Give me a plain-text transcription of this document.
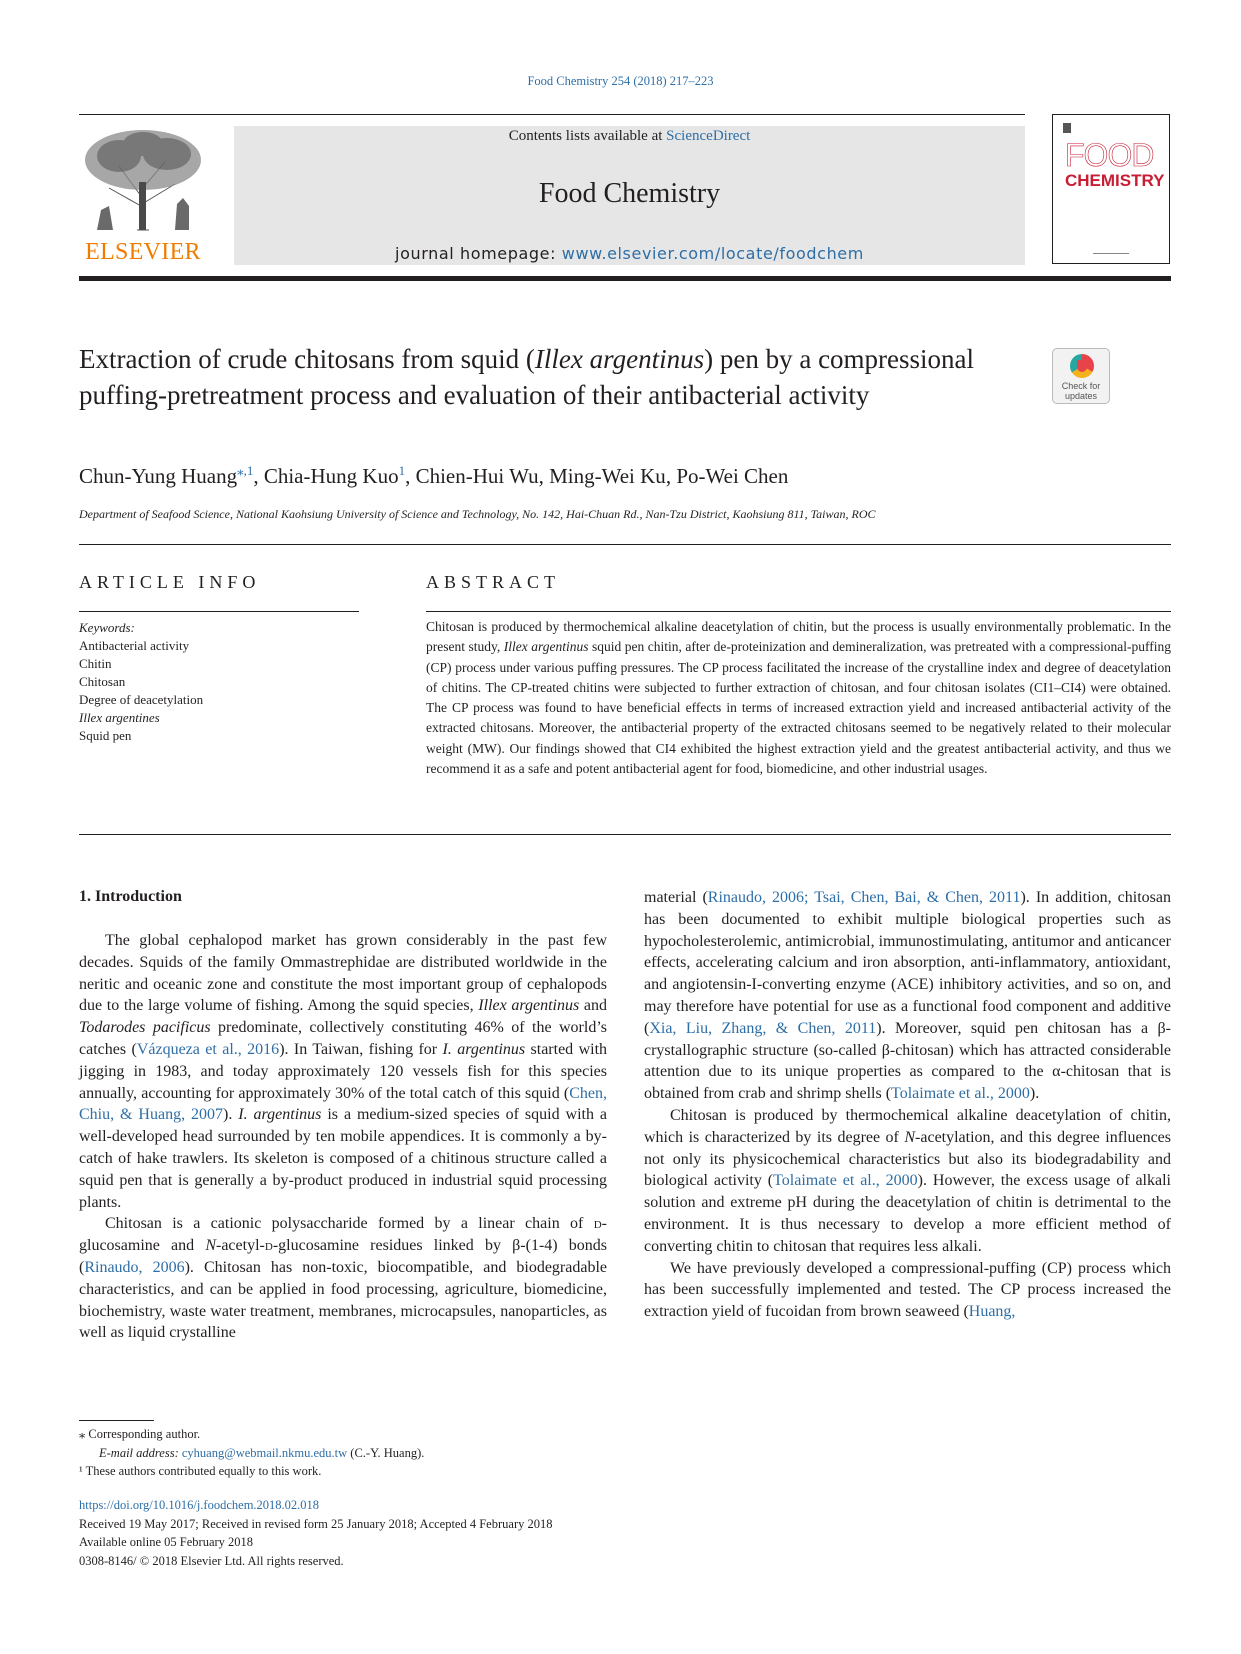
Food Chemistry 254 (2018) 217–223
ELSEVIER
Contents lists available at ScienceDirect
Food Chemistry
journal homepage: www.elsevier.com/locate/foodchem
FOOD
CHEMISTRY
Extraction of crude chitosans from squid (Illex argentinus) pen by a compressional puffing-pretreatment process and evaluation of their antibacterial activity	Check for
updates
Chun-Yung Huang$^{⁎,1}$, Chia-Hung Kuo$^1$, Chien-Hui Wu, Ming-Wei Ku, Po-Wei Chen
Department of Seafood Science, National Kaohsiung University of Science and Technology, No. 142, Hai-Chuan Rd., Nan-Tzu District, Kaohsiung 811, Taiwan, ROC
ARTICLE INFO	ABSTRACT
Keywords:
Antibacterial activity
Chitin
Chitosan
Degree of deacetylation
Illex argentines
Squid pen
Chitosan is produced by thermochemical alkaline deacetylation of chitin, but the process is usually environmentally problematic. In the present study, Illex argentinus squid pen chitin, after de-proteinization and demineralization, was pretreated with a compressional-puffing (CP) process under various puffing pressures. The CP process facilitated the increase of the crystalline index and degree of deacetylation of chitins. The CP-treated chitins were subjected to further extraction of chitosan, and four chitosan isolates (CI1–CI4) were obtained. The CP process was found to have beneficial effects in terms of increased extraction yield and increased antibacterial activity of the extracted chitosans. Moreover, the antibacterial property of the extracted chitosans seemed to be negatively related to their molecular weight (MW). Our findings showed that CI4 exhibited the highest extraction yield and the greatest antibacterial activity, and thus we recommend it as a safe and potent antibacterial agent for food, biomedicine, and other industrial usages.
1. Introduction

The global cephalopod market has grown considerably in the past few decades. Squids of the family Ommastrephidae are distributed worldwide in the neritic and oceanic zone and constitute the most important group of cephalopods due to the large volume of fishing. Among the squid species, Illex argentinus and Todarodes pacificus predominate, collectively constituting 46% of the world’s catches (Vázqueza et al., 2016). In Taiwan, fishing for I. argentinus started with jigging in 1983, and today approximately 120 vessels fish for this species annually, accounting for approximately 30% of the total catch of this squid (Chen, Chiu, & Huang, 2007). I. argentinus is a medium-sized species of squid with a well-developed head surrounded by ten mobile appendices. It is commonly a by-catch of hake trawlers. Its skeleton is composed of a chitinous structure called a squid pen that is generally a by-product produced in industrial squid processing plants.

Chitosan is a cationic polysaccharide formed by a linear chain of d-glucosamine and N-acetyl-d-glucosamine residues linked by β-(1-4) bonds (Rinaudo, 2006). Chitosan has non-toxic, biocompatible, and biodegradable characteristics, and can be applied in food processing, agriculture, biomedicine, biochemistry, waste water treatment, membranes, microcapsules, nanoparticles, as well as liquid crystalline

material (Rinaudo, 2006; Tsai, Chen, Bai, & Chen, 2011). In addition, chitosan has been documented to exhibit multiple biological properties such as hypocholesterolemic, antimicrobial, immunostimulating, antitumor and anticancer effects, accelerating calcium and iron absorption, anti-inflammatory, antioxidant, and angiotensin-I-converting enzyme (ACE) inhibitory activities, and so on, and may therefore have potential for use as a functional food component and additive (Xia, Liu, Zhang, & Chen, 2011). Moreover, squid pen chitosan has a β-crystallographic structure (so-called β-chitosan) which has attracted considerable attention due to its unique properties as compared to the α-chitosan that is obtained from crab and shrimp shells (Tolaimate et al., 2000).

Chitosan is produced by thermochemical alkaline deacetylation of chitin, which is characterized by its degree of N-acetylation, and this degree influences not only its physicochemical characteristics but also its biodegradability and biological activity (Tolaimate et al., 2000). However, the excess usage of alkali solution and extreme pH during the deacetylation of chitin is detrimental to the environment. It is thus necessary to develop a more efficient method of converting chitin to chitosan that requires less alkali.

We have previously developed a compressional-puffing (CP) process which has been successfully implemented and tested. The CP process increased the extraction yield of fucoidan from brown seaweed (Huang,

⁎ Corresponding author.
E-mail address: cyhuang@webmail.nkmu.edu.tw (C.-Y. Huang).
¹ These authors contributed equally to this work.
https://doi.org/10.1016/j.foodchem.2018.02.018
Received 19 May 2017; Received in revised form 25 January 2018; Accepted 4 February 2018
Available online 05 February 2018
0308-8146/ © 2018 Elsevier Ltd. All rights reserved.
